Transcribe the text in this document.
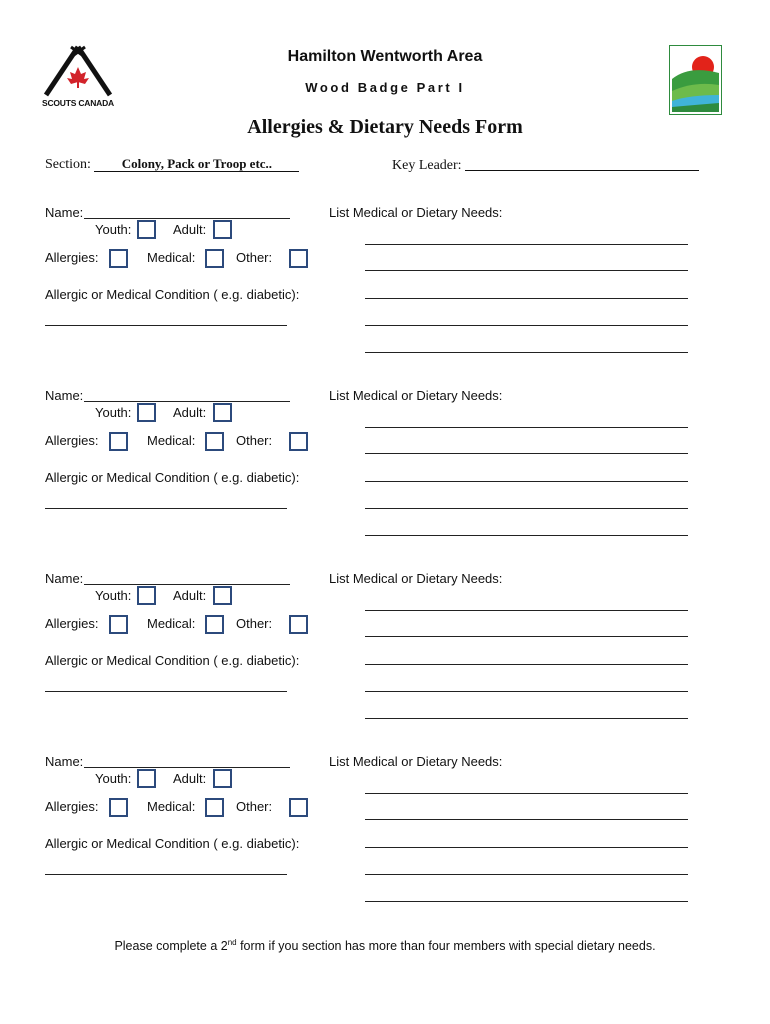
SCOUTS CANADA
Hamilton Wentworth Area
Wood Badge Part I
Allergies & Dietary Needs Form
Section: Colony, Pack or Troop etc..	Key Leader:
Name:
Youth:	Adult:
Allergies:	Medical:	Other:
Allergic or Medical Condition ( e.g. diabetic):
List Medical or Dietary Needs:
Name:
Youth:	Adult:
Allergies:	Medical:	Other:
Allergic or Medical Condition ( e.g. diabetic):
List Medical or Dietary Needs:
Name:
Youth:	Adult:
Allergies:	Medical:	Other:
Allergic or Medical Condition ( e.g. diabetic):
List Medical or Dietary Needs:
Name:
Youth:	Adult:
Allergies:	Medical:	Other:
Allergic or Medical Condition ( e.g. diabetic):
List Medical or Dietary Needs:
Please complete a 2nd form if you section has more than four members with special dietary needs.
